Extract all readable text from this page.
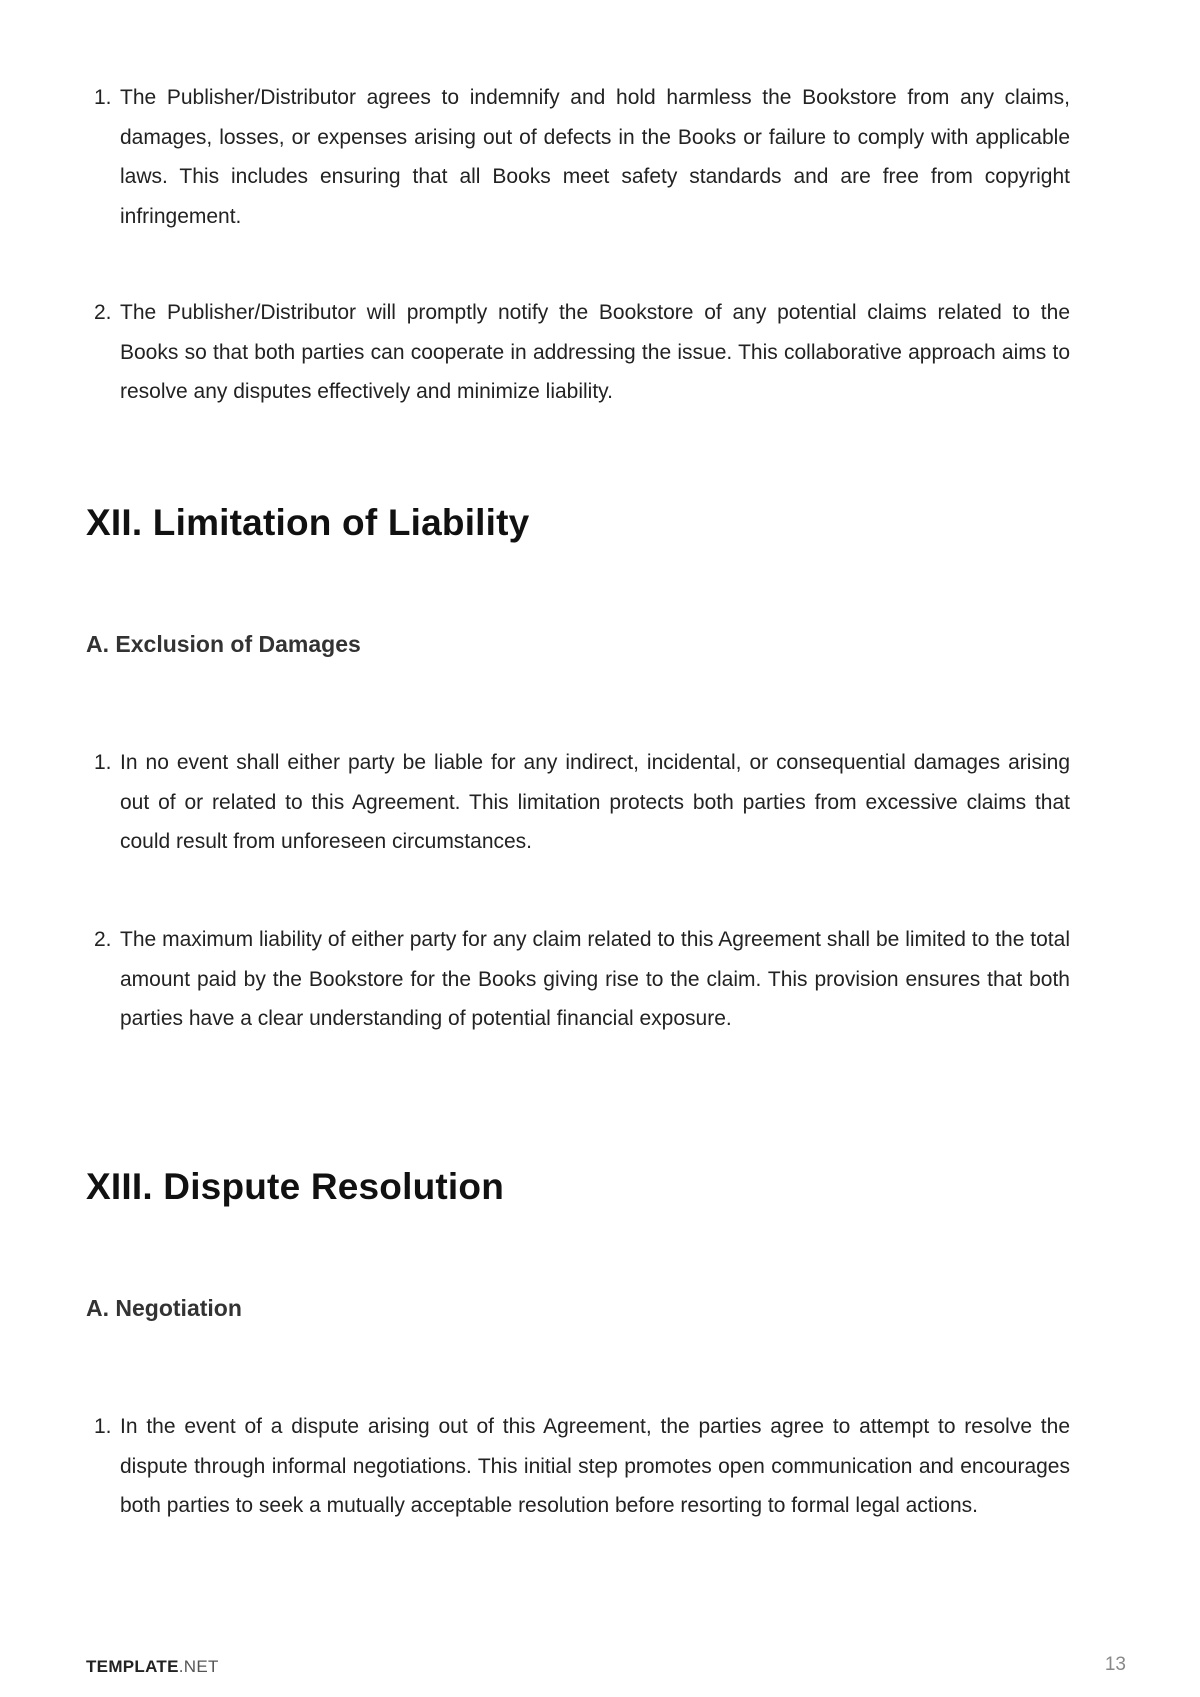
1. The Publisher/Distributor agrees to indemnify and hold harmless the Bookstore from any claims, damages, losses, or expenses arising out of defects in the Books or failure to comply with applicable laws. This includes ensuring that all Books meet safety standards and are free from copyright infringement.
2. The Publisher/Distributor will promptly notify the Bookstore of any potential claims related to the Books so that both parties can cooperate in addressing the issue. This collaborative approach aims to resolve any disputes effectively and minimize liability.
XII. Limitation of Liability
A. Exclusion of Damages
1. In no event shall either party be liable for any indirect, incidental, or consequential damages arising out of or related to this Agreement. This limitation protects both parties from excessive claims that could result from unforeseen circumstances.
2. The maximum liability of either party for any claim related to this Agreement shall be limited to the total amount paid by the Bookstore for the Books giving rise to the claim. This provision ensures that both parties have a clear understanding of potential financial exposure.
XIII. Dispute Resolution
A. Negotiation
1. In the event of a dispute arising out of this Agreement, the parties agree to attempt to resolve the dispute through informal negotiations. This initial step promotes open communication and encourages both parties to seek a mutually acceptable resolution before resorting to formal legal actions.
TEMPLATE.NET	13
